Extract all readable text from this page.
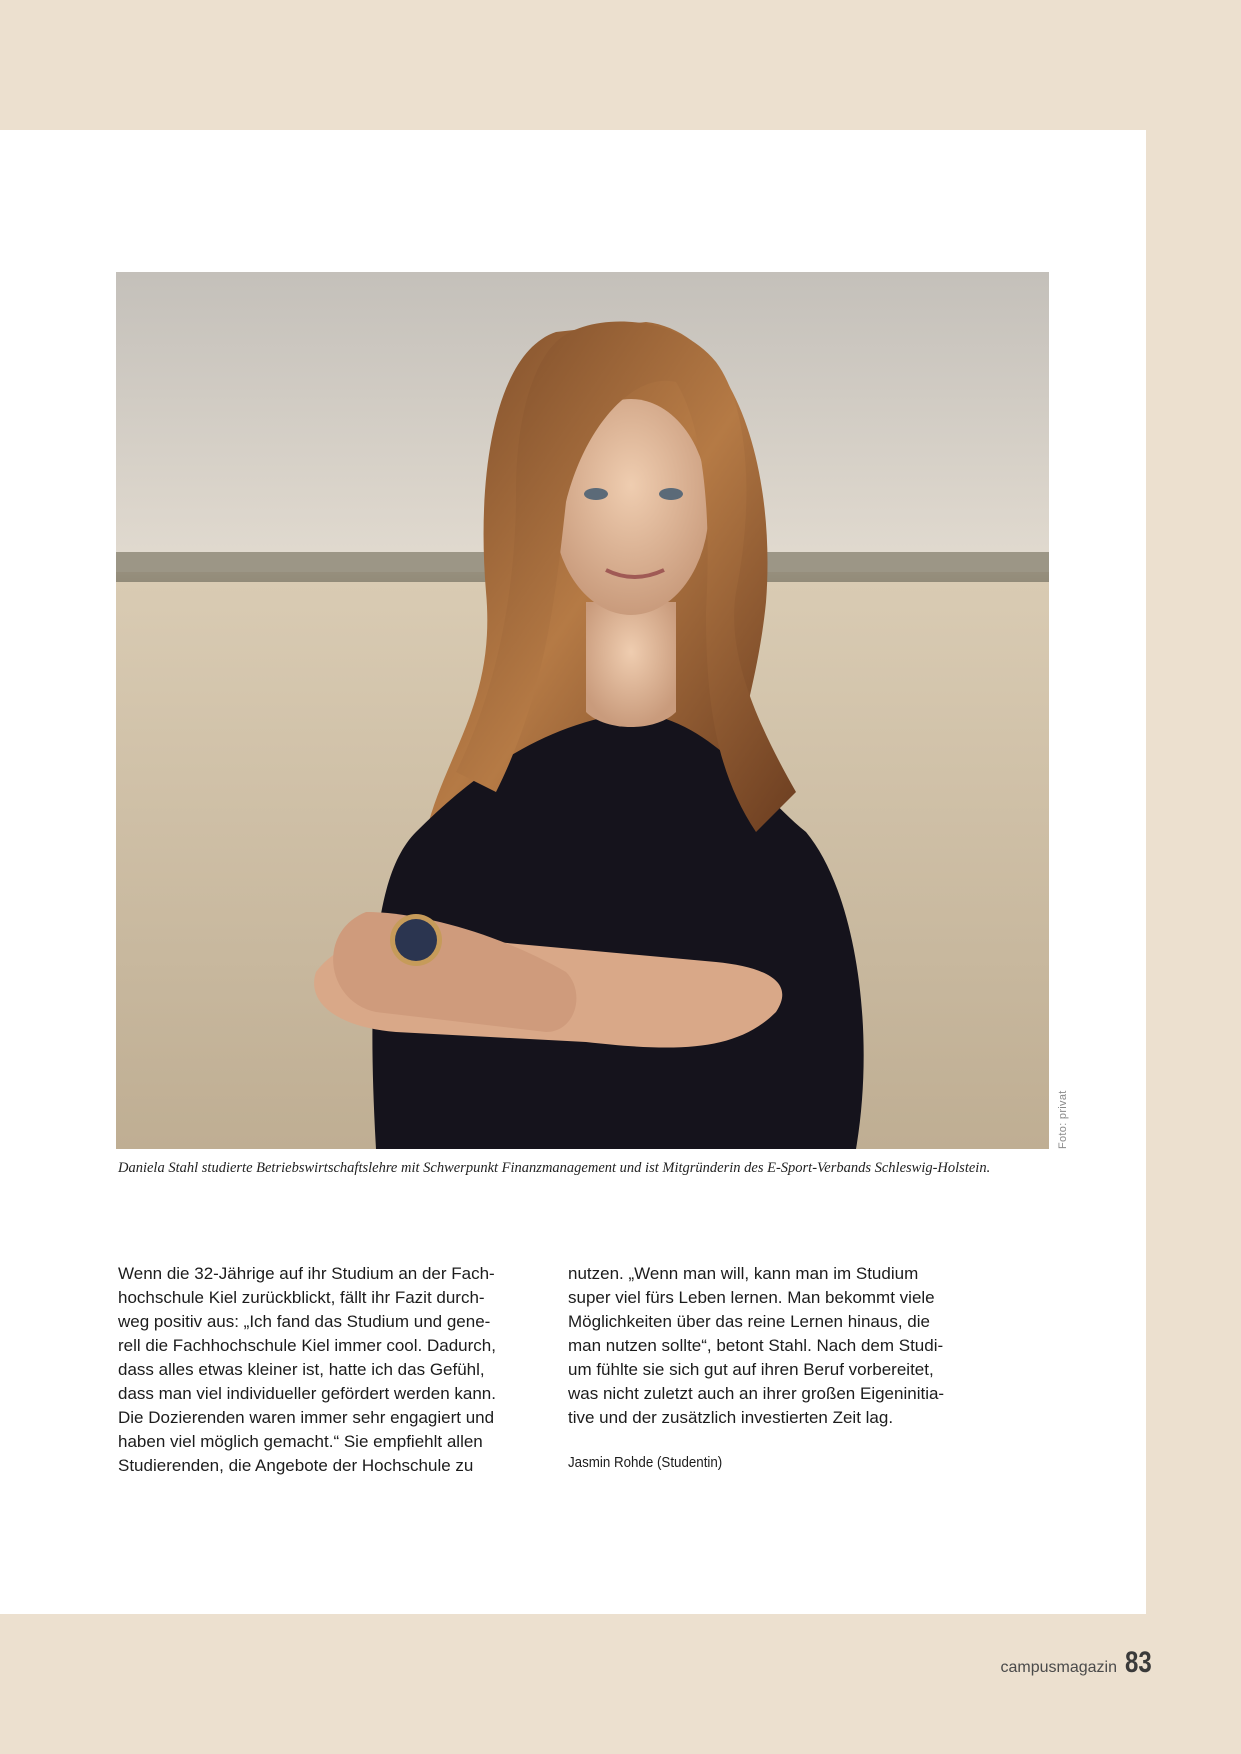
Foto: privat
Daniela Stahl studierte Betriebswirtschaftslehre mit Schwerpunkt Finanzmanagement und ist Mitgründerin des E-Sport-Verbands Schleswig-Holstein.
Wenn die 32-Jährige auf ihr Studium an der Fach-
hochschule Kiel zurückblickt, fällt ihr Fazit durch-
weg positiv aus: „Ich fand das Studium und gene-
rell die Fachhochschule Kiel immer cool. Dadurch,
dass alles etwas kleiner ist, hatte ich das Gefühl,
dass man viel individueller gefördert werden kann.
Die Dozierenden waren immer sehr engagiert und
haben viel möglich gemacht.“ Sie empfiehlt allen
Studierenden, die Angebote der Hochschule zu
nutzen. „Wenn man will, kann man im Studium
super viel fürs Leben lernen. Man bekommt viele
Möglichkeiten über das reine Lernen hinaus, die
man nutzen sollte“, betont Stahl. Nach dem Studi-
um fühlte sie sich gut auf ihren Beruf vorbereitet,
was nicht zuletzt auch an ihrer großen Eigeninitia-
tive und der zusätzlich investierten Zeit lag.
Jasmin Rohde (Studentin)
campusmagazin 83
